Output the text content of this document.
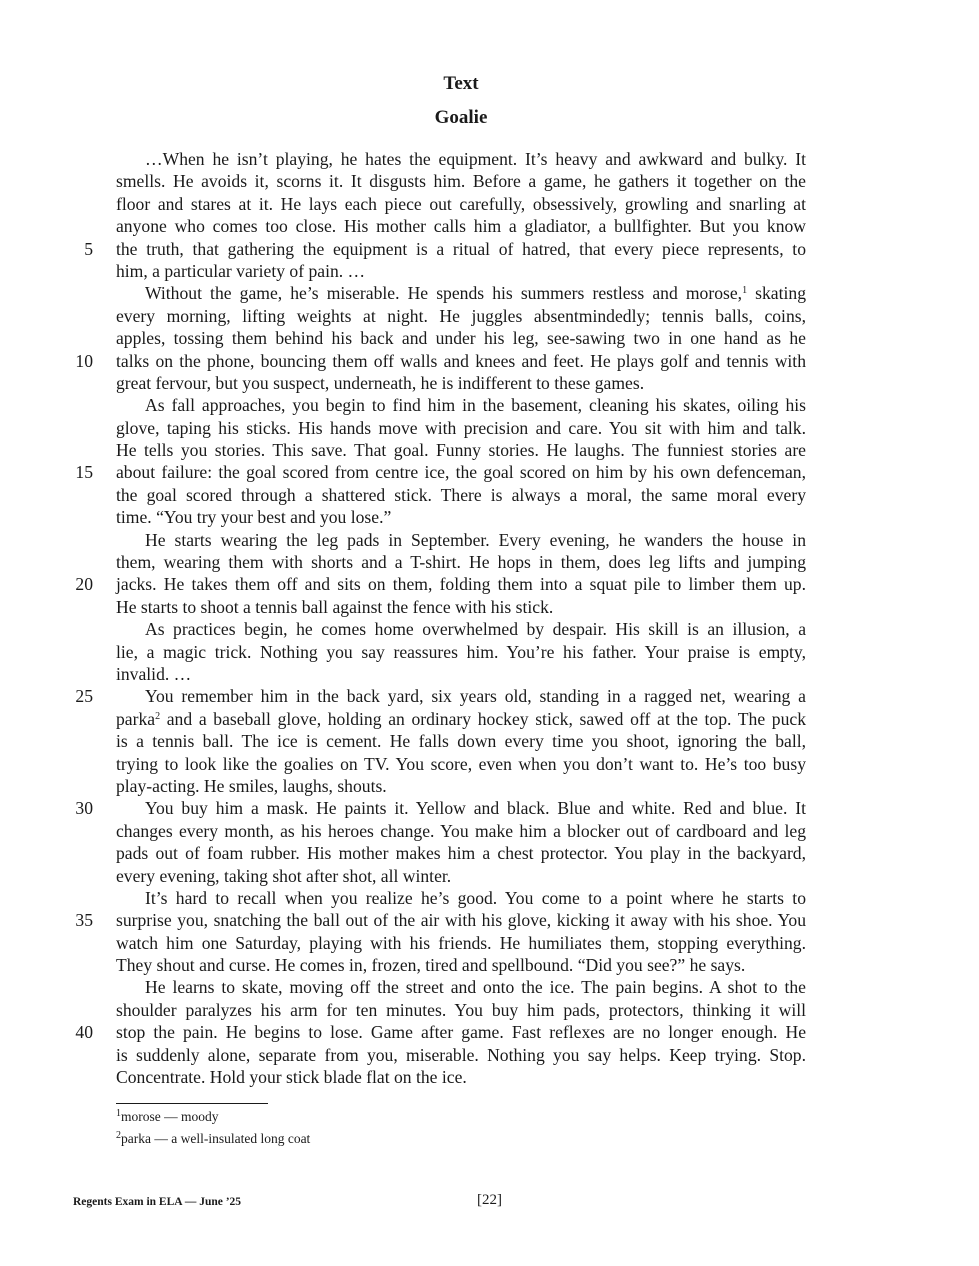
Text
Goalie
…When he isn’t playing, he hates the equipment. It’s heavy and awkward and bulky. It
smells. He avoids it, scorns it. It disgusts him. Before a game, he gathers it together on the
floor and stares at it. He lays each piece out carefully, obsessively, growling and snarling at
anyone who comes too close. His mother calls him a gladiator, a bullfighter. But you know
5 the truth, that gathering the equipment is a ritual of hatred, that every piece represents, to
him, a particular variety of pain. …
Without the game, he’s miserable. He spends his summers restless and morose,$^1$ skating
every morning, lifting weights at night. He juggles absentmindedly; tennis balls, coins,
apples, tossing them behind his back and under his leg, see-sawing two in one hand as he
10 talks on the phone, bouncing them off walls and knees and feet. He plays golf and tennis with
great fervour, but you suspect, underneath, he is indifferent to these games.
As fall approaches, you begin to find him in the basement, cleaning his skates, oiling his
glove, taping his sticks. His hands move with precision and care. You sit with him and talk.
He tells you stories. This save. That goal. Funny stories. He laughs. The funniest stories are
15 about failure: the goal scored from centre ice, the goal scored on him by his own defenceman,
the goal scored through a shattered stick. There is always a moral, the same moral every
time. “You try your best and you lose.”
He starts wearing the leg pads in September. Every evening, he wanders the house in
them, wearing them with shorts and a T-shirt. He hops in them, does leg lifts and jumping
20 jacks. He takes them off and sits on them, folding them into a squat pile to limber them up.
He starts to shoot a tennis ball against the fence with his stick.
As practices begin, he comes home overwhelmed by despair. His skill is an illusion, a
lie, a magic trick. Nothing you say reassures him. You’re his father. Your praise is empty,
invalid. …
25	You remember him in the back yard, six years old, standing in a ragged net, wearing a
parka$^2$ and a baseball glove, holding an ordinary hockey stick, sawed off at the top. The puck
is a tennis ball. The ice is cement. He falls down every time you shoot, ignoring the ball,
trying to look like the goalies on TV. You score, even when you don’t want to. He’s too busy
play-acting. He smiles, laughs, shouts.
30	You buy him a mask. He paints it. Yellow and black. Blue and white. Red and blue. It
changes every month, as his heroes change. You make him a blocker out of cardboard and leg
pads out of foam rubber. His mother makes him a chest protector. You play in the backyard,
every evening, taking shot after shot, all winter.
It’s hard to recall when you realize he’s good. You come to a point where he starts to
35 surprise you, snatching the ball out of the air with his glove, kicking it away with his shoe. You
watch him one Saturday, playing with his friends. He humiliates them, stopping everything.
They shout and curse. He comes in, frozen, tired and spellbound. “Did you see?” he says.
He learns to skate, moving off the street and onto the ice. The pain begins. A shot to the
shoulder paralyzes his arm for ten minutes. You buy him pads, protectors, thinking it will
40 stop the pain. He begins to lose. Game after game. Fast reflexes are no longer enough. He
is suddenly alone, separate from you, miserable. Nothing you say helps. Keep trying. Stop.
Concentrate. Hold your stick blade flat on the ice.
$^1$morose — moody
$^2$parka — a well-insulated long coat
Regents Exam in ELA — June ’25	[22]
